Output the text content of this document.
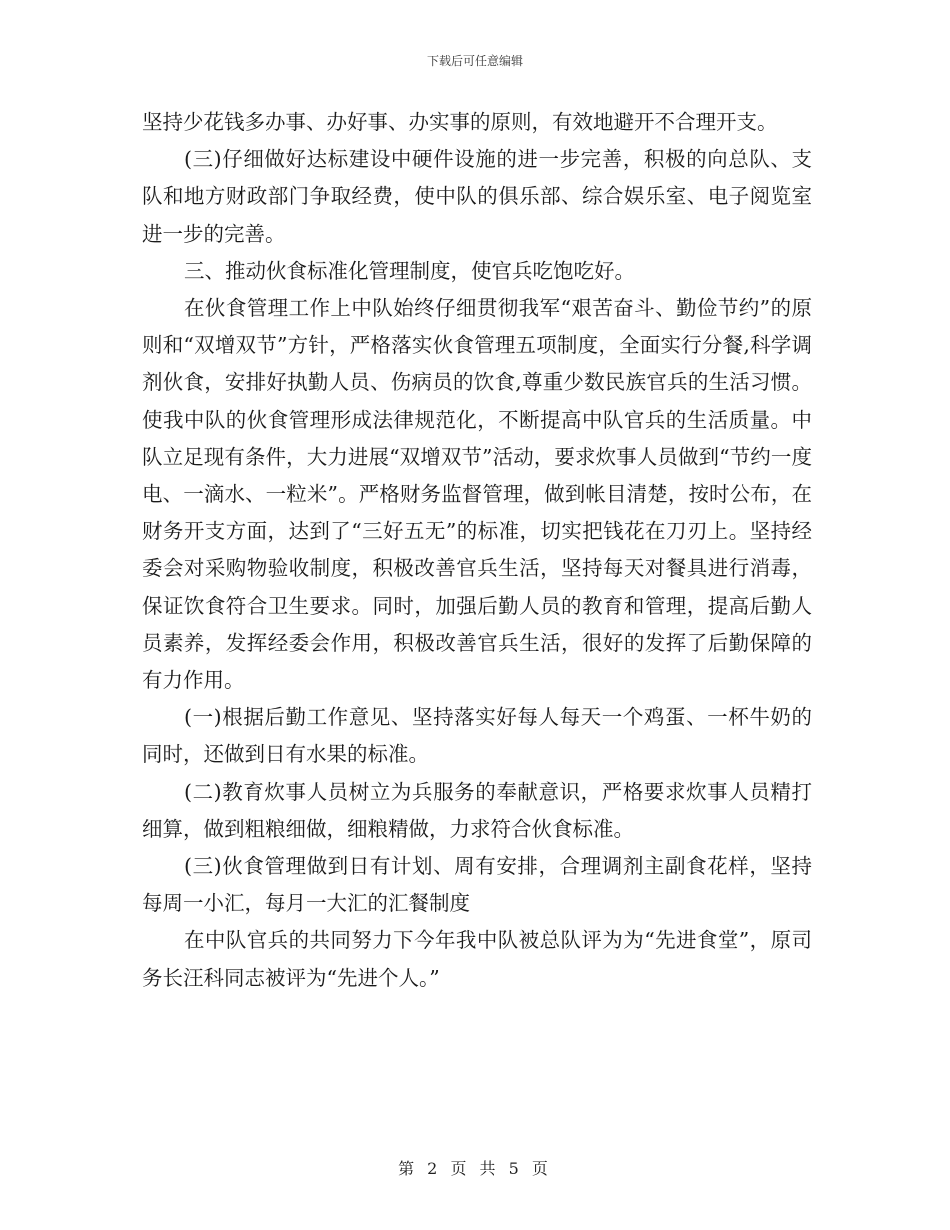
下载后可任意编辑

坚持少花钱多办事、办好事、办实事的原则，有效地避开不合理开支。

(三)仔细做好达标建设中硬件设施的进一步完善，积极的向总队、支队和地方财政部门争取经费，使中队的俱乐部、综合娱乐室、电子阅览室进一步的完善。

三、推动伙食标准化管理制度，使官兵吃饱吃好。

在伙食管理工作上中队始终仔细贯彻我军“艰苦奋斗、勤俭节约”的原则和“双增双节”方针，严格落实伙食管理五项制度，全面实行分餐,科学调剂伙食，安排好执勤人员、伤病员的饮食,尊重少数民族官兵的生活习惯。使我中队的伙食管理形成法律规范化，不断提高中队官兵的生活质量。中队立足现有条件，大力进展“双增双节”活动，要求炊事人员做到“节约一度电、一滴水、一粒米”。严格财务监督管理，做到帐目清楚，按时公布，在财务开支方面，达到了“三好五无”的标准，切实把钱花在刀刃上。坚持经委会对采购物验收制度，积极改善官兵生活，坚持每天对餐具进行消毒，保证饮食符合卫生要求。同时，加强后勤人员的教育和管理，提高后勤人员素养，发挥经委会作用，积极改善官兵生活，很好的发挥了后勤保障的有力作用。

(一)根据后勤工作意见、坚持落实好每人每天一个鸡蛋、一杯牛奶的同时，还做到日有水果的标准。

(二)教育炊事人员树立为兵服务的奉献意识，严格要求炊事人员精打细算，做到粗粮细做，细粮精做，力求符合伙食标准。

(三)伙食管理做到日有计划、周有安排，合理调剂主副食花样，坚持每周一小汇，每月一大汇的汇餐制度

在中队官兵的共同努力下今年我中队被总队评为为“先进食堂”，原司务长汪科同志被评为“先进个人。”

第 2 页 共 5 页
